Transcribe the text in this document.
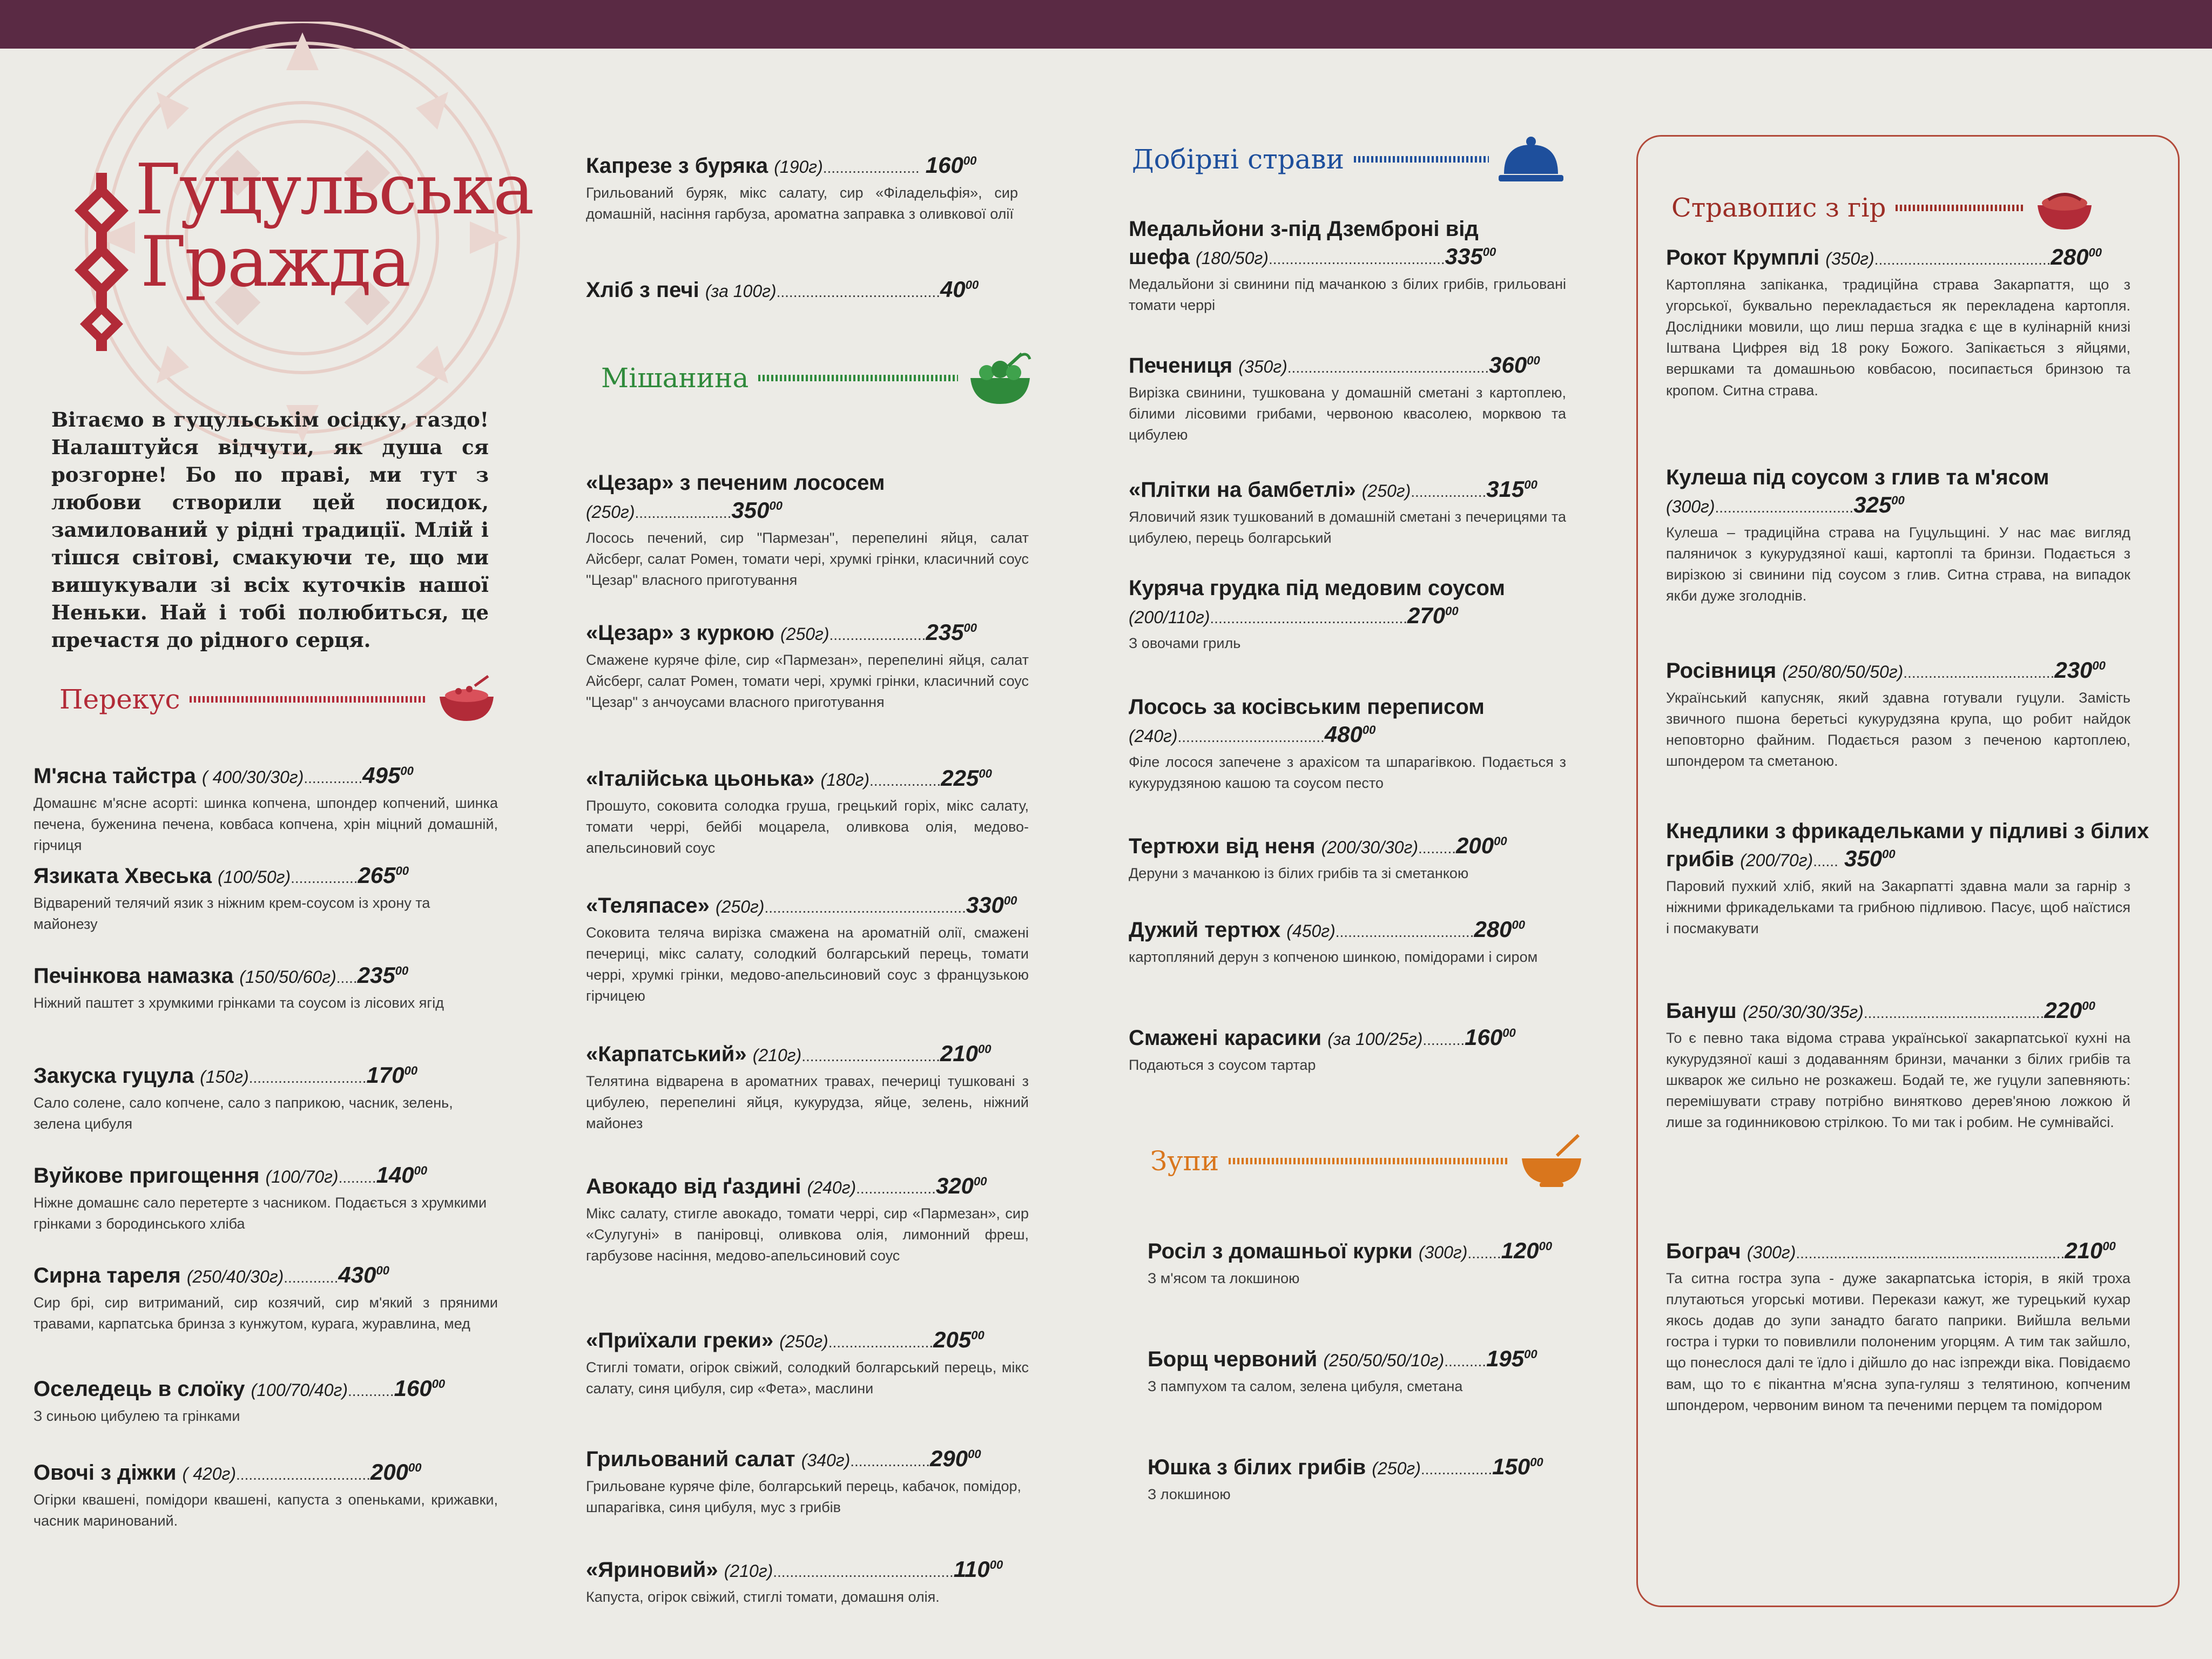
Гуцульська
Гражда
Вітаємо в гуцульськім осідку, газдо! Налаштуйся відчути, як душа ся розгорне! Бо по праві, ми тут з любови створили цей посидок, замилований у рідні традиції. Млій і тішся світові, смакуючи те, що ми вишукували зі всіх куточків нашої Неньки. Най і тобі полюбиться, це пречастя до рідного серця.
Перекус
М'ясна тайстра ( 400/30/30г)..............495$^{00}$
Домашнє м'ясне асорті: шинка копчена, шпондер копчений, шинка печена, буженина печена, ковбаса копчена, хрін міцний домашній, гірчиця
Язиката Хвеська (100/50г)................265$^{00}$
Відварений телячий язик з ніжним крем-соусом із хрону та майонезу
Печінкова намазка (150/50/60г).....235$^{00}$
Ніжний паштет з хрумкими грінками та соусом із лісових ягід
Закуска гуцула (150г)............................170$^{00}$
Сало солене, сало копчене, сало з паприкою, часник, зелень, зелена цибуля
Вуйкове пригощення (100/70г).........140$^{00}$
Ніжне домашнє сало перетерте з часником. Подається з хрумкими грінками з бородинського хліба
Сирна тареля (250/40/30г).............430$^{00}$
Сир брі, сир витриманий, сир козячий, сир м'який з пряними травами, карпатська бринза з кунжутом, курага, журавлина, мед
Оселедець в слоїку (100/70/40г)...........160$^{00}$
З синьою цибулею та грінками
Овочі з діжки ( 420г)................................200$^{00}$
Огірки квашені, помідори квашені, капуста з опеньками, крижавки, часник маринований.
Капрезе з буряка (190г)....................... $160^{00}$
Грильований буряк, мікс салату, сир «Філадельфія», сир домашній, насіння гарбуза, ароматна заправка з оливкової олії
Хліб з печі (за 100г).......................................40$^{00}$
Мішанина
«Цезар» з печеним лососем (250г).......................350$^{00}$
Лосось печений, сир "Пармезан", перепелині яйця, салат Айсберг, салат Ромен, томати чері, хрумкі грінки, класичний соус "Цезар" власного приготування
«Цезар» з куркою (250г).......................235$^{00}$
Смажене куряче філе, сир «Пармезан», перепелині яйця, салат Айсберг, салат Ромен, томати чері, хрумкі грінки, класичний соус "Цезар" з анчоусами власного приготування
«Італійська цьонька» (180г).................225$^{00}$
Прошуто, соковита солодка груша, грецький горіх, мікс салату, томати черрі, бейбі моцарела, оливкова олія, медово- апельсиновий соус
«Теляпасе» (250г)................................................330$^{00}$
Соковита теляча вирізка смажена на ароматній олії, смажені печериці, мікс салату, солодкий болгарський перець, томати черрі, хрумкі грінки, медово-апельсиновий соус з французькою гірчицею
«Карпатський» (210г).................................210$^{00}$
Телятина відварена в ароматних травах, печериці тушковані з цибулею, перепелині яйця, кукурудза, яйце, зелень, ніжний майонез
Авокадо від ґаздині (240г)...................320$^{00}$
Мікс салату, стигле авокадо, томати черрі, сир «Пармезан», сир «Сулугуні» в паніровці, оливкова олія, лимонний фреш, гарбузове насіння, медово-апельсиновий соус
«Приїхали греки» (250г).........................205$^{00}$
Стиглі томати, огірок свіжий, солодкий болгарський перець, мікс салату, синя цибуля, сир «Фета», маслини
Грильований салат (340г)...................290$^{00}$
Грильоване куряче філе, болгарський перець, кабачок, помідор, шпарагівка, синя цибуля, мус з грибів
«Яриновий» (210г)...........................................110$^{00}$
Капуста, огірок свіжий, стиглі томати, домашня олія.
Добірні страви
Медальйони з-під Дземброні від шефа (180/50г)..........................................335$^{00}$
Медальйони зі свинини під мачанкою з білих грибів, грильовані томати черрі
Печениця (350г)................................................360$^{00}$
Вирізка свинини, тушкована у домашній сметані з картоплею, білими лісовими грибами, червоною квасолею, морквою та цибулею
«Плітки на бамбетлі» (250г)..................315$^{00}$
Яловичий язик тушкований в домашній сметані з печерицями та цибулею, перець болгарський
Куряча грудка під медовим соусом (200/110г)...............................................270$^{00}$
З овочами гриль
Лосось за косівським переписом (240г)...................................480$^{00}$
Філе лосося запечене з арахісом та шпарагівкою. Подається з кукурудзяною кашою та соусом песто
Тертюхи від неня (200/30/30г).........200$^{00}$
Деруни з мачанкою із білих грибів та зі сметанкою
Дужий тертюх (450г).................................280$^{00}$
картопляний дерун з копченою шинкою, помідорами і сиром
Смажені карасики (за 100/25г)..........160$^{00}$
Подаються з соусом тартар
Зупи
Росіл з домашньої курки (300г)........120$^{00}$
З м'ясом та локшиною
Борщ червоний (250/50/50/10г)..........195$^{00}$
З пампухом та салом, зелена цибуля, сметана
Юшка з білих грибів (250г).................150$^{00}$
З локшиною
Стравопис з гір
Рокот Крумплі (350г)..........................................280$^{00}$
Картопляна запіканка, традиційна страва Закарпаття, що з угорської, буквально перекладається як перекладена картопля. Дослідники мовили, що лиш перша згадка є ще в кулінарній книзі Іштвана Цифрея від 18 року Божого. Запікається з яйцями, вершками та домашньою ковбасою, посипається бринзою та кропом. Ситна страва.
Кулеша під соусом з глив та м'ясом (300г).................................325$^{00}$
Кулеша – традиційна страва на Гуцульщині. У нас має вигляд паляничок з кукурудзяної каші, картоплі та бринзи. Подається з вирізкою зі свинини під соусом з глив. Ситна страва, на випадок якби дуже зголоднів.
Росівниця (250/80/50/50г)....................................230$^{00}$
Український капусняк, який здавна готували гуцули. Замість звичного пшона беретьсі кукурудзяна крупа, що робит найдок неповторно файним. Подається разом з печеною картоплею, шпондером та сметаною.
Кнедлики з фрикадельками у підливі з білих грибів (200/70г)...... $350^{00}$
Паровий пухкий хліб, який на Закарпатті здавна мали за гарнір з ніжними фрикадельками та грибною підливою. Пасує, щоб наїстися і посмакувати
Бануш (250/30/30/35г)...........................................220$^{00}$
То є певно така відома страва української закарпатської кухні на кукурудзяної каші з додаванням бринзи, мачанки з білих грибів та шкварок же сильно не розкажеш. Бодай те, же гуцули запевняють: перемішувати страву потрібно винятково дерев'яною ложкою й лише за годинниковою стрілкою. То ми так і робим. Не сумнівайсі.
Бограч (300г)................................................................210$^{00}$
Та ситна гостра зупа - дуже закарпатська історія, в якій троха плутаються угорські мотиви. Перекази кажут, же турецький кухар якось додав до зупи занадто багато паприки. Вийшла вельми гостра і турки то повивлили полоненим угорцям. А тим так зайшло, що понеслося далі те їдло і дійшло до нас ізпрежди віка. Повідаємо вам, що то є пікантна м'ясна зупа-гуляш з телятиною, копченим шпондером, червоним вином та печеними перцем та помідором
